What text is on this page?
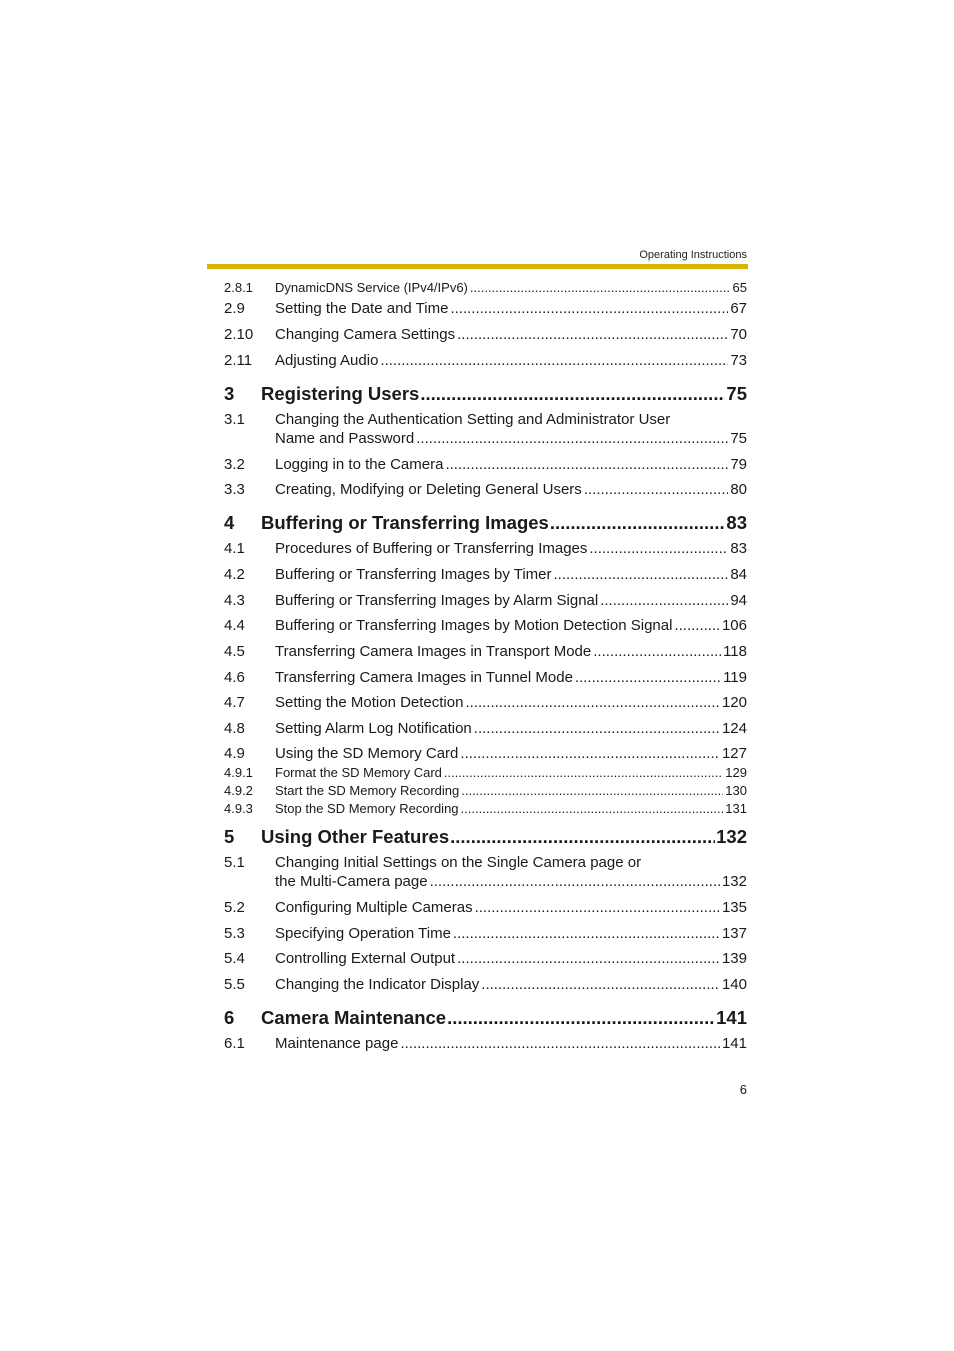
Operating Instructions
2.8.1 DynamicDNS Service (IPv4/IPv6) .....	65
2.9 Setting the Date and Time .....	67
2.10 Changing Camera Settings .....	70
2.11 Adjusting Audio .....	73
3 Registering Users .....	75
3.1 Changing the Authentication Setting and Administrator User
Name and Password .....	75
3.2 Logging in to the Camera .....	79
3.3 Creating, Modifying or Deleting General Users .....	80
4 Buffering or Transferring Images .....	83
4.1 Procedures of Buffering or Transferring Images .....	83
4.2 Buffering or Transferring Images by Timer .....	84
4.3 Buffering or Transferring Images by Alarm Signal .....	94
4.4 Buffering or Transferring Images by Motion Detection Signal .....	106
4.5 Transferring Camera Images in Transport Mode .....	118
4.6 Transferring Camera Images in Tunnel Mode .....	119
4.7 Setting the Motion Detection .....	120
4.8 Setting Alarm Log Notification .....	124
4.9 Using the SD Memory Card .....	127
4.9.1 Format the SD Memory Card .....	129
4.9.2 Start the SD Memory Recording .....	130
4.9.3 Stop the SD Memory Recording .....	131
5 Using Other Features .....	132
5.1 Changing Initial Settings on the Single Camera page or
the Multi-Camera page .....	132
5.2 Configuring Multiple Cameras .....	135
5.3 Specifying Operation Time .....	137
5.4 Controlling External Output .....	139
5.5 Changing the Indicator Display .....	140
6 Camera Maintenance .....	141
6.1 Maintenance page .....	141
6
